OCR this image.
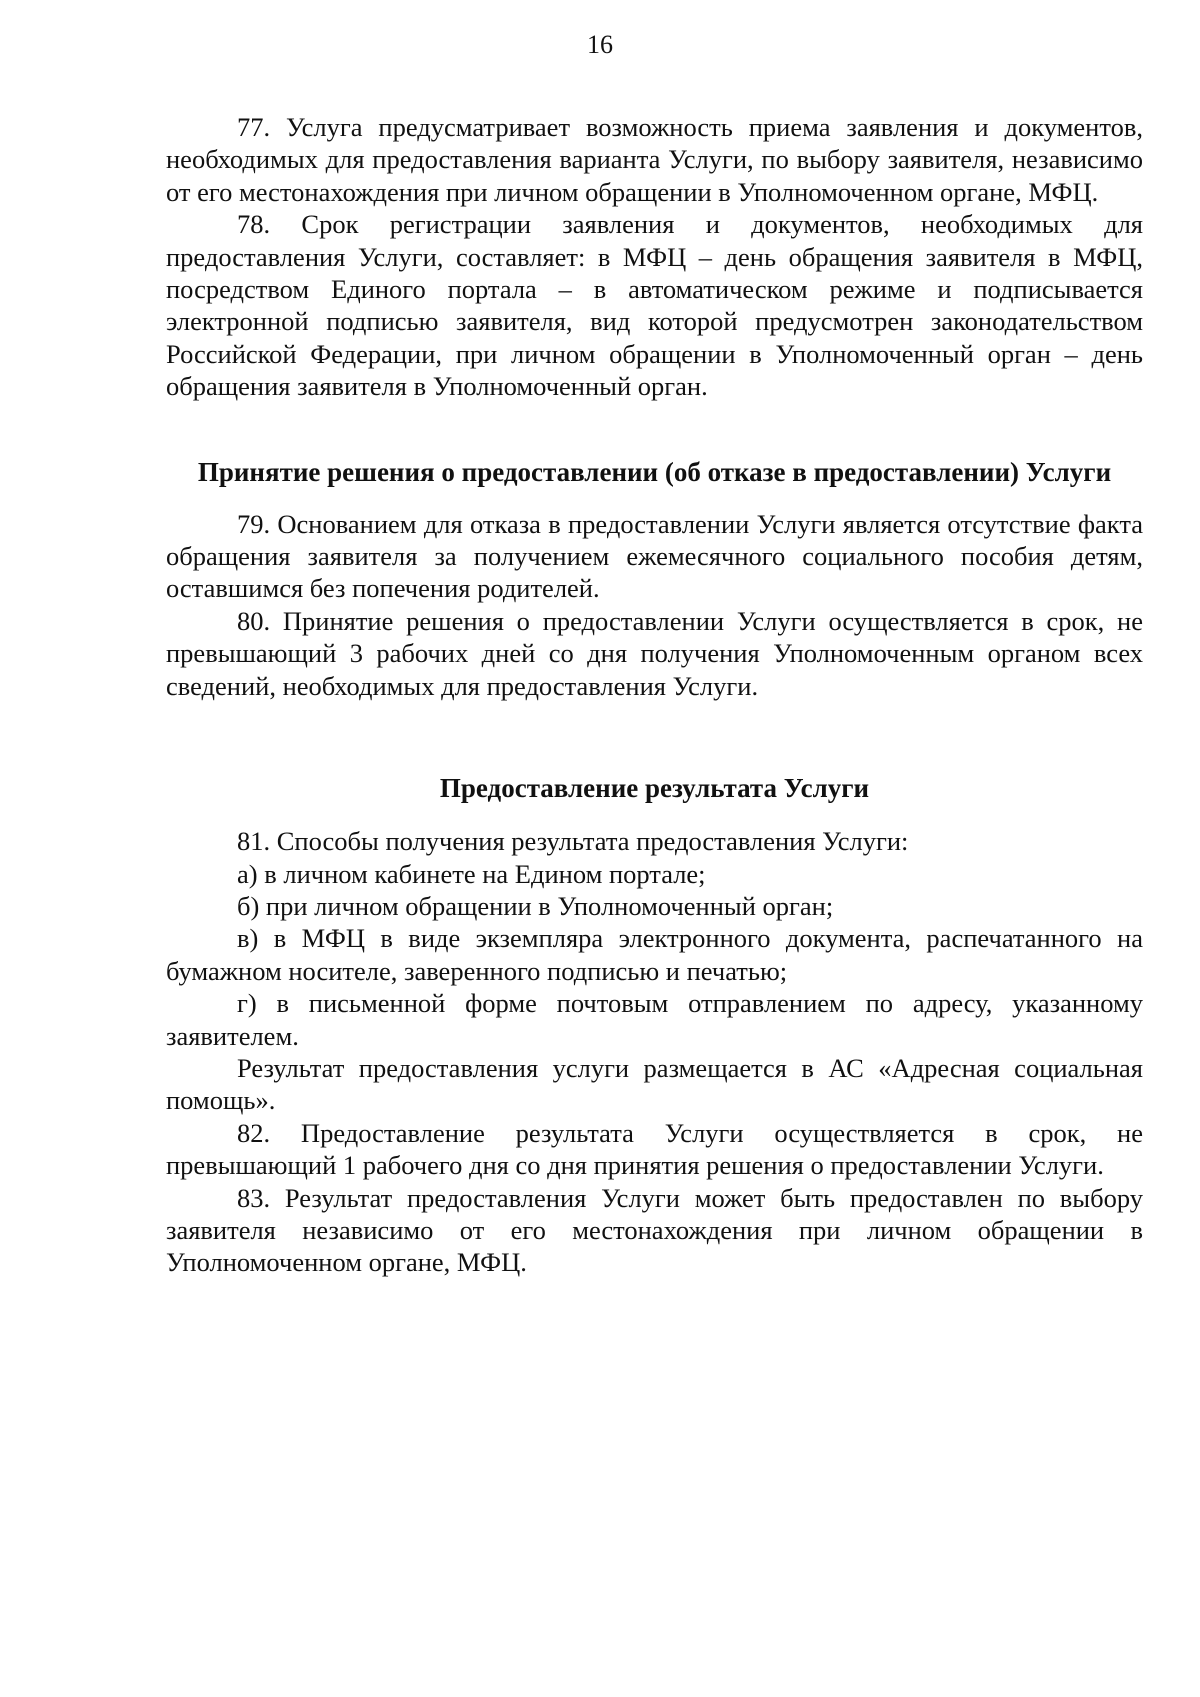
16

77. Услуга предусматривает возможность приема заявления и документов, необходимых для предоставления варианта Услуги, по выбору заявителя, независимо от его местонахождения при личном обращении в Уполномоченном органе, МФЦ.

78. Срок регистрации заявления и документов, необходимых для предоставления Услуги, составляет: в МФЦ – день обращения заявителя в МФЦ, посредством Единого портала – в автоматическом режиме и подписывается электронной подписью заявителя, вид которой предусмотрен законодательством Российской Федерации, при личном обращении в Уполномоченный орган – день обращения заявителя в Уполномоченный орган.

Принятие решения о предоставлении (об отказе в предоставлении) Услуги

79. Основанием для отказа в предоставлении Услуги является отсутствие факта обращения заявителя за получением ежемесячного социального пособия детям, оставшимся без попечения родителей.

80. Принятие решения о предоставлении Услуги осуществляется в срок, не превышающий 3 рабочих дней со дня получения Уполномоченным органом всех сведений, необходимых для предоставления Услуги.

Предоставление результата Услуги

81. Способы получения результата предоставления Услуги:

а) в личном кабинете на Едином портале;

б) при личном обращении в Уполномоченный орган;

в) в МФЦ в виде экземпляра электронного документа, распечатанного на бумажном носителе, заверенного подписью и печатью;

г) в письменной форме почтовым отправлением по адресу, указанному заявителем.

Результат предоставления услуги размещается в АС «Адресная социальная помощь».

82. Предоставление результата Услуги осуществляется в срок, не превышающий 1 рабочего дня со дня принятия решения о предоставлении Услуги.

83. Результат предоставления Услуги может быть предоставлен по выбору заявителя независимо от его местонахождения при личном обращении в Уполномоченном органе, МФЦ.
